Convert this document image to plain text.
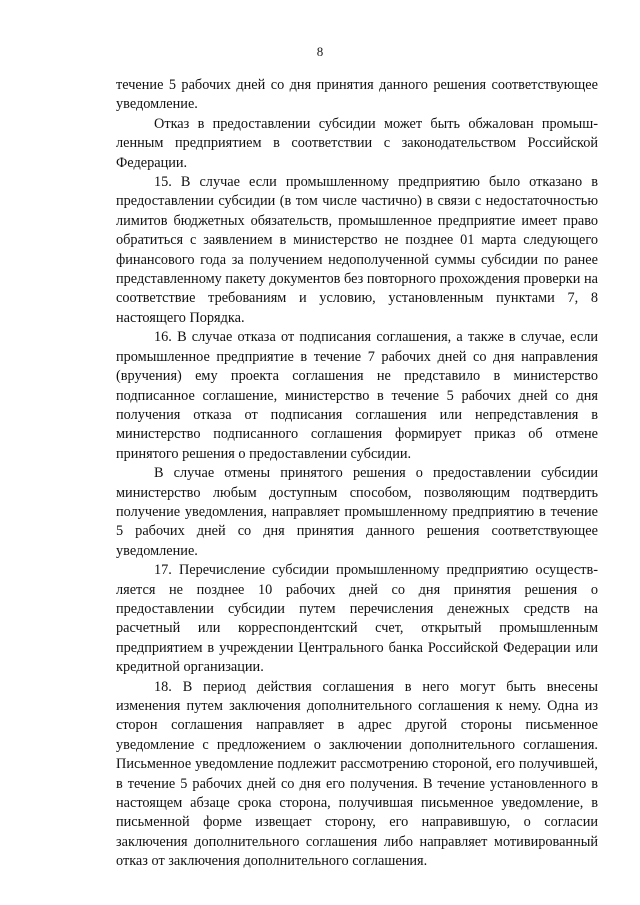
8

течение 5 рабочих дней со дня принятия данного решения соответствующее уведомление.

Отказ в предоставлении субсидии может быть обжалован промышленным предприятием в соответствии с законодательством Российской Федерации.

15. В случае если промышленному предприятию было отказано в предоставлении субсидии (в том числе частично) в связи с недостаточностью лимитов бюджетных обязательств, промышленное предприятие имеет право обратиться с заявлением в министерство не позднее 01 марта следующего финансового года за получением недополученной суммы субсидии по ранее представленному пакету документов без повторного прохождения проверки на соответствие требованиям и условию, установленным пунктами 7, 8 настоящего Порядка.

16. В случае отказа от подписания соглашения, а также в случае, если промышленное предприятие в течение 7 рабочих дней со дня направления (вручения) ему проекта соглашения не представило в министерство подписанное соглашение, министерство в течение 5 рабочих дней со дня получения отказа от подписания соглашения или непредставления в министерство подписанного соглашения формирует приказ об отмене принятого решения о предоставлении субсидии.

В случае отмены принятого решения о предоставлении субсидии министерство любым доступным способом, позволяющим подтвердить получение уведомления, направляет промышленному предприятию в течение 5 рабочих дней со дня принятия данного решения соответствующее уведомление.

17. Перечисление субсидии промышленному предприятию осуществляется не позднее 10 рабочих дней со дня принятия решения о предоставлении субсидии путем перечисления денежных средств на расчетный или корреспондентский счет, открытый промышленным предприятием в учреждении Центрального банка Российской Федерации или кредитной организации.

18. В период действия соглашения в него могут быть внесены изменения путем заключения дополнительного соглашения к нему. Одна из сторон соглашения направляет в адрес другой стороны письменное уведомление с предложением о заключении дополнительного соглашения. Письменное уведомление подлежит рассмотрению стороной, его получившей, в течение 5 рабочих дней со дня его получения. В течение установленного в настоящем абзаце срока сторона, получившая письменное уведомление, в письменной форме извещает сторону, его направившую, о согласии заключения дополнительного соглашения либо направляет мотивированный отказ от заключения дополнительного соглашения.
